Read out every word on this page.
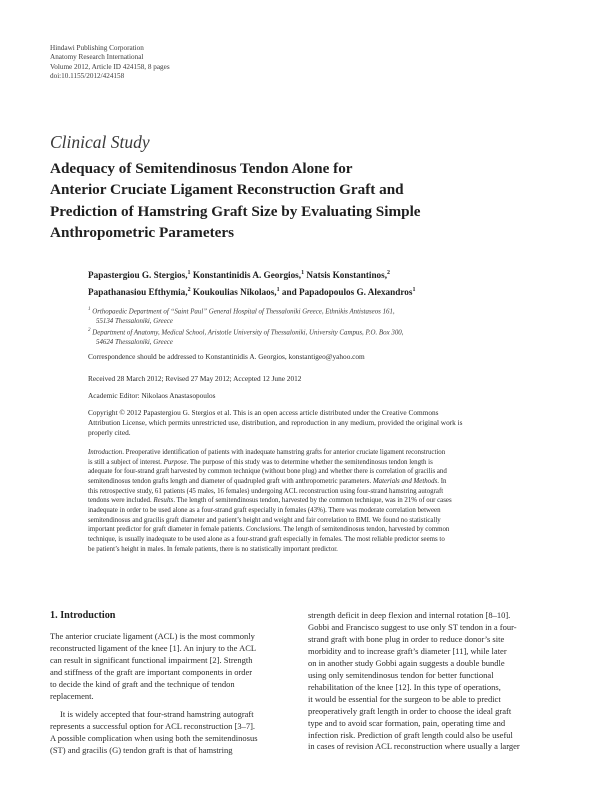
Hindawi Publishing Corporation
Anatomy Research International
Volume 2012, Article ID 424158, 8 pages
doi:10.1155/2012/424158
Clinical Study
Adequacy of Semitendinosus Tendon Alone for
Anterior Cruciate Ligament Reconstruction Graft and
Prediction of Hamstring Graft Size by Evaluating Simple
Anthropometric Parameters
Papastergiou G. Stergios,$^1$ Konstantinidis A. Georgios,$^1$ Natsis Konstantinos,$^2$
Papathanasiou Efthymia,$^2$ Koukoulias Nikolaos,$^1$ and Papadopoulos G. Alexandros$^1$
$^1$ Orthopaedic Department of “Saint Paul” General Hospital of Thessaloniki Greece, Ethnikis Antistaseos 161,
55134 Thessaloniki, Greece
$^2$ Department of Anatomy, Medical School, Aristotle University of Thessaloniki, University Campus, P.O. Box 300,
54624 Thessaloniki, Greece
Correspondence should be addressed to Konstantinidis A. Georgios, konstantigeo@yahoo.com
Received 28 March 2012; Revised 27 May 2012; Accepted 12 June 2012
Academic Editor: Nikolaos Anastasopoulos
Copyright © 2012 Papastergiou G. Stergios et al. This is an open access article distributed under the Creative Commons
Attribution License, which permits unrestricted use, distribution, and reproduction in any medium, provided the original work is
properly cited.
Introduction. Preoperative identification of patients with inadequate hamstring grafts for anterior cruciate ligament reconstruction
is still a subject of interest. Purpose. The purpose of this study was to determine whether the semitendinosus tendon length is
adequate for four-strand graft harvested by common technique (without bone plug) and whether there is correlation of gracilis and
semitendinosus tendon grafts length and diameter of quadrupled graft with anthropometric parameters. Materials and Methods. In
this retrospective study, 61 patients (45 males, 16 females) undergoing ACL reconstruction using four-strand hamstring autograft
tendons were included. Results. The length of semitendinosus tendon, harvested by the common technique, was in 21% of our cases
inadequate in order to be used alone as a four-strand graft especially in females (43%). There was moderate correlation between
semitendinosus and gracilis graft diameter and patient’s height and weight and fair correlation to BMI. We found no statistically
important predictor for graft diameter in female patients. Conclusions. The length of semitendinosus tendon, harvested by common
technique, is usually inadequate to be used alone as a four-strand graft especially in females. The most reliable predictor seems to
be patient’s height in males. In female patients, there is no statistically important predictor.
1. Introduction
The anterior cruciate ligament (ACL) is the most commonly
reconstructed ligament of the knee [1]. An injury to the ACL
can result in significant functional impairment [2]. Strength
and stiffness of the graft are important components in order
to decide the kind of graft and the technique of tendon
replacement.
It is widely accepted that four-strand hamstring autograft
represents a successful option for ACL reconstruction [3–7].
A possible complication when using both the semitendinosus
(ST) and gracilis (G) tendon graft is that of hamstring
strength deficit in deep flexion and internal rotation [8–10].
Gobbi and Francisco suggest to use only ST tendon in a four-
strand graft with bone plug in order to reduce donor’s site
morbidity and to increase graft’s diameter [11], while later
on in another study Gobbi again suggests a double bundle
using only semitendinosus tendon for better functional
rehabilitation of the knee [12]. In this type of operations,
it would be essential for the surgeon to be able to predict
preoperatively graft length in order to choose the ideal graft
type and to avoid scar formation, pain, operating time and
infection risk. Prediction of graft length could also be useful
in cases of revision ACL reconstruction where usually a larger
